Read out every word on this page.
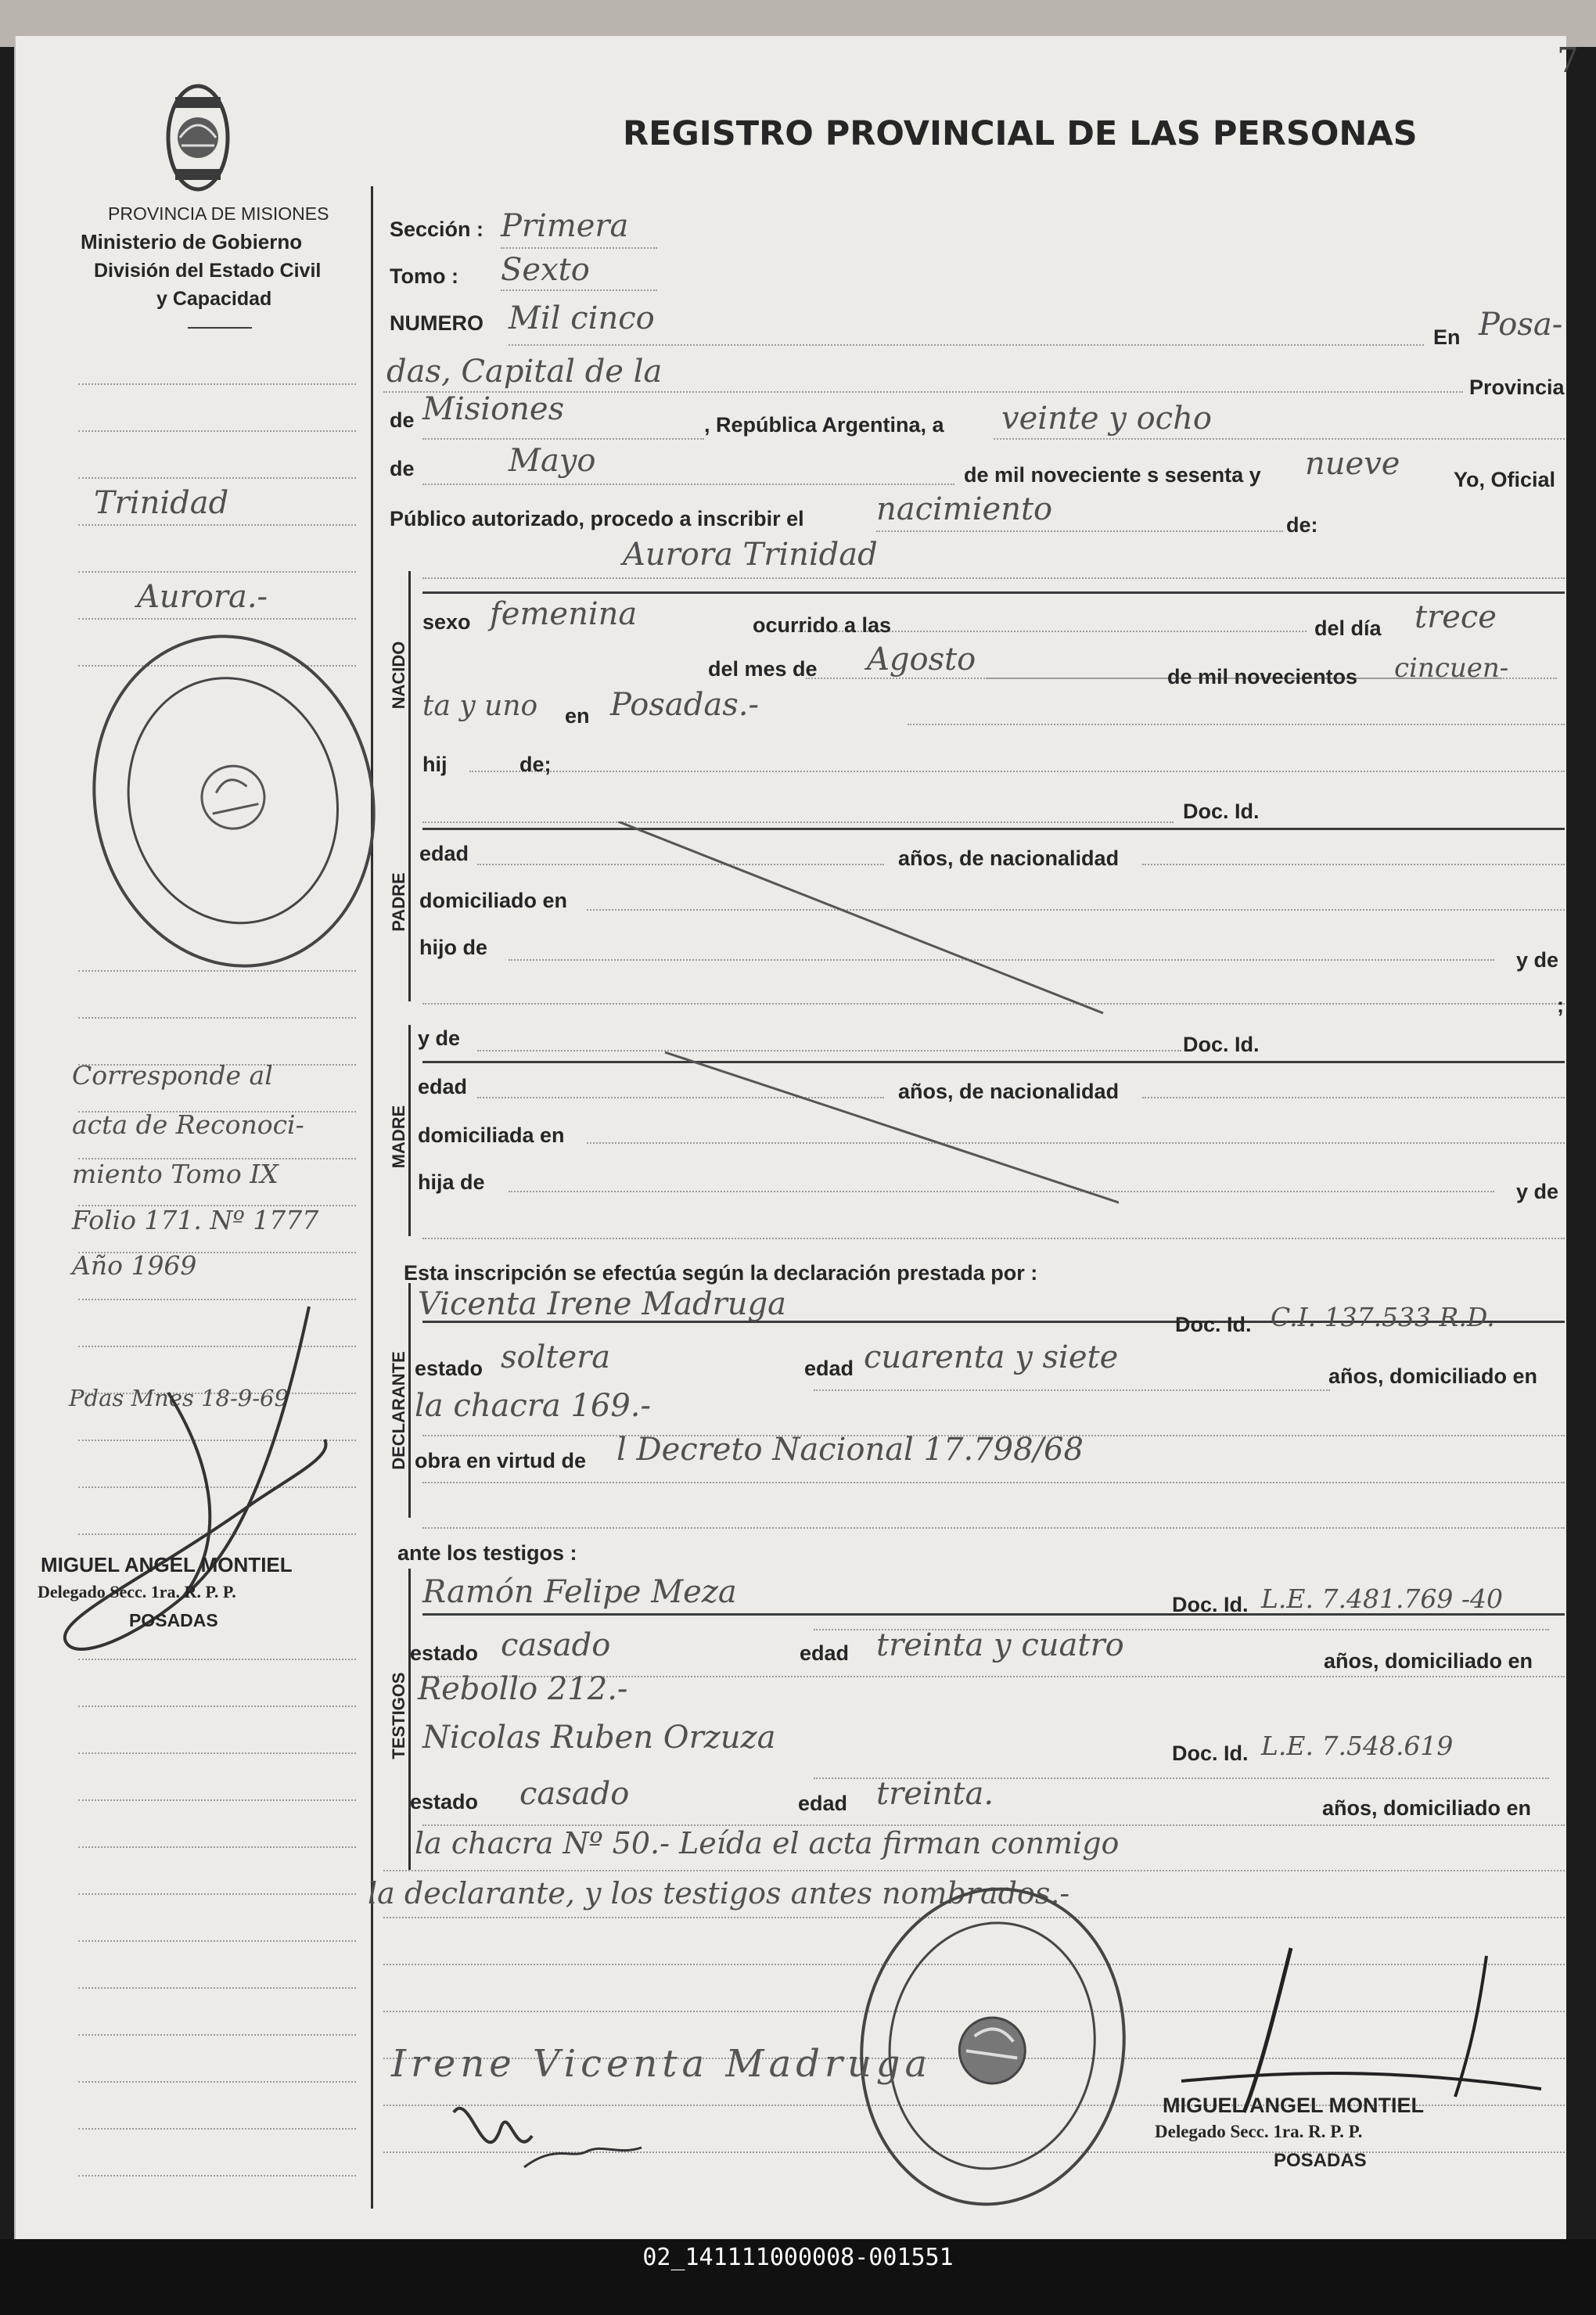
7
PROVINCIA DE MISIONES
Ministerio de Gobierno
División del Estado Civil
y Capacidad
REGISTRO PROVINCIAL DE LAS PERSONAS
Trinidad
Aurora.-
Corresponde al
acta de Reconoci-
miento Tomo IX
Folio 171. Nº 1777
Año 1969
Pdas Mnes 18-9-69
MIGUEL ANGEL MONTIEL
Delegado Secc. 1ra. R. P. P.
POSADAS
Sección : Primera
Tomo : Sexto
NUMERO Mil cinco
En Posa-
das, Capital de la	Provincia
de Misiones	, República Argentina, a veinte y ocho
de	Mayo	de mil noveciente s sesenta y nueve	Yo, Oficial
Público autorizado, procedo a inscribir el nacimiento	de:
Aurora Trinidad
NACIDO
sexo femenina	ocurrido a las	del día trece
del mes de Agosto	de mil novecientos cincuen-
ta y uno en Posadas.-
hij	de;
PADRE
Doc. Id.
edad	años, de nacionalidad
domiciliado en
hijo de
y de
;
MADRE
y de	Doc. Id.
edad	años, de nacionalidad
domiciliada en
hija de	y de
Esta inscripción se efectúa según la declaración prestada por :
DECLARANTE
Vicenta Irene Madruga
Doc. Id. C.I. 137.533 R.D.
estado soltera	edad cuarenta y siete
años, domiciliado en
la chacra 169.-
obra en virtud de l Decreto Nacional 17.798/68
ante los testigos :
TESTIGOS
Ramón Felipe Meza	Doc. Id. L.E. 7.481.769 -40
estado casado	edad treinta y cuatro	años, domiciliado en
Rebollo 212.-
Nicolas Ruben Orzuza	Doc. Id. L.E. 7.548.619
estado casado	edad treinta.	años, domiciliado en
la chacra Nº 50.- Leída el acta firman conmigo
la declarante, y los testigos antes nombrados.-
Irene Vicenta Madruga
MIGUEL ANGEL MONTIEL
Delegado Secc. 1ra. R. P. P.
POSADAS
02_141111000008-001551
